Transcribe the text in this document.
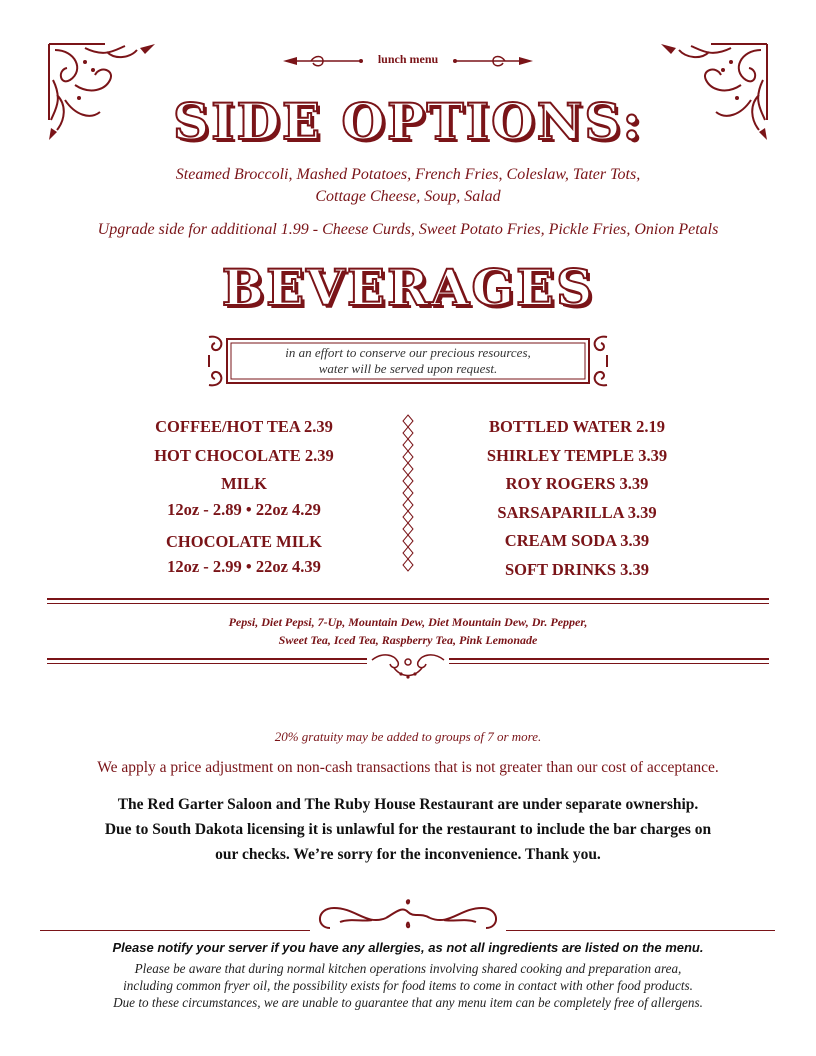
lunch menu
SIDE OPTIONS:
Steamed Broccoli, Mashed Potatoes, French Fries, Coleslaw, Tater Tots,
Cottage Cheese, Soup, Salad
Upgrade side for additional 1.99 - Cheese Curds, Sweet Potato Fries, Pickle Fries, Onion Petals
BEVERAGES
in an effort to conserve our precious resources,
water will be served upon request.
COFFEE/HOT TEA 2.39
HOT CHOCOLATE 2.39
MILK
12oz - 2.89 • 22oz 4.29
CHOCOLATE MILK
12oz - 2.99 • 22oz 4.39
BOTTLED WATER 2.19
SHIRLEY TEMPLE 3.39
ROY ROGERS 3.39
SARSAPARILLA 3.39
CREAM SODA 3.39
SOFT DRINKS 3.39
Pepsi, Diet Pepsi, 7-Up, Mountain Dew, Diet Mountain Dew, Dr. Pepper,
Sweet Tea, Iced Tea, Raspberry Tea, Pink Lemonade
20% gratuity may be added to groups of 7 or more.
We apply a price adjustment on non-cash transactions that is not greater than our cost of acceptance.
The Red Garter Saloon and The Ruby House Restaurant are under separate ownership.
Due to South Dakota licensing it is unlawful for the restaurant to include the bar charges on
our checks. We’re sorry for the inconvenience. Thank you.
Please notify your server if you have any allergies, as not all ingredients are listed on the menu.
Please be aware that during normal kitchen operations involving shared cooking and preparation area,
including common fryer oil, the possibility exists for food items to come in contact with other food products.
Due to these circumstances, we are unable to guarantee that any menu item can be completely free of allergens.
